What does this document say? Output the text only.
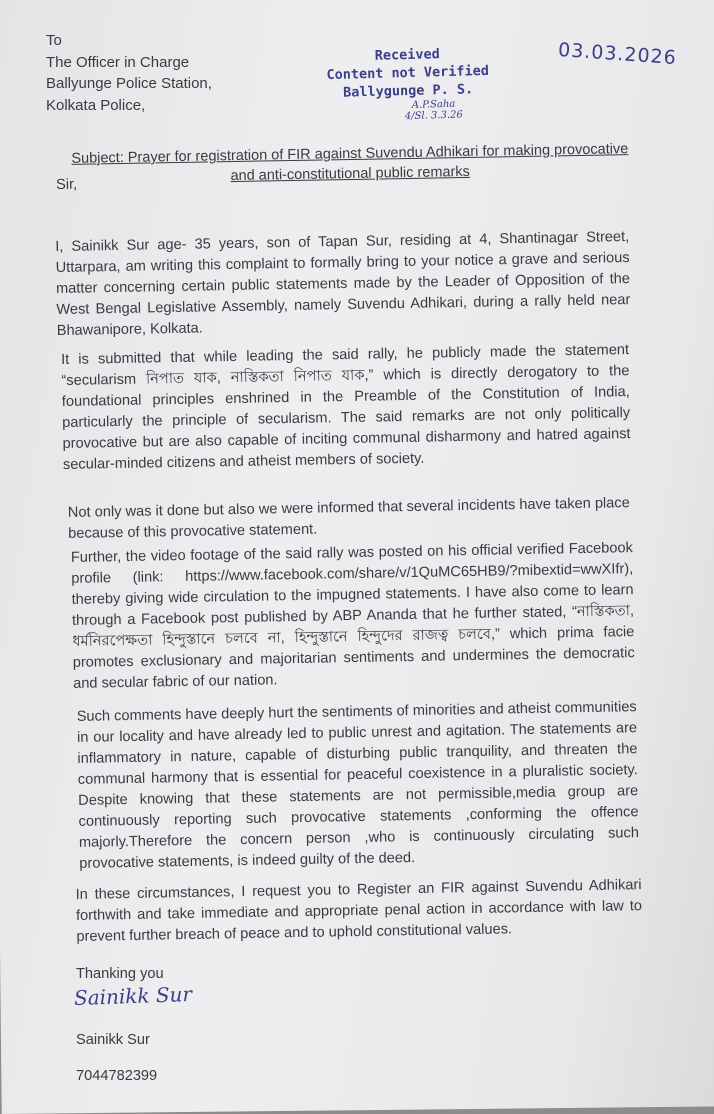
To
The Officer in Charge
Ballyunge Police Station,
Kolkata Police,
Received
Content not Verified
Ballygunge P. S.
A.P.Saha
4/Sl. 3.3.26
03.03.2026
Subject: Prayer for registration of FIR against Suvendu Adhikari for making provocative and anti-constitutional public remarks
Sir,

I, Sainikk Sur age- 35 years, son of Tapan Sur, residing at 4, Shantinagar Street, Uttarpara, am writing this complaint to formally bring to your notice a grave and serious matter concerning certain public statements made by the Leader of Opposition of the West Bengal Legislative Assembly, namely Suvendu Adhikari, during a rally held near Bhawanipore, Kolkata.

It is submitted that while leading the said rally, he publicly made the statement “secularism নিপাত যাক, নাস্তিকতা নিপাত যাক,” which is directly derogatory to the foundational principles enshrined in the Preamble of the Constitution of India, particularly the principle of secularism. The said remarks are not only politically provocative but are also capable of inciting communal disharmony and hatred against secular-minded citizens and atheist members of society.

Not only was it done but also we were informed that several incidents have taken place because of this provocative statement.

Further, the video footage of the said rally was posted on his official verified Facebook profile (link: https://www.facebook.com/share/v/1QuMC65HB9/?mibextid=wwXIfr), thereby giving wide circulation to the impugned statements. I have also come to learn through a Facebook post published by ABP Ananda that he further stated, “নাস্তিকতা, ধর্মনিরপেক্ষতা হিন্দুস্তানে চলবে না, হিন্দুস্তানে হিন্দুদের রাজত্ব চলবে,” which prima facie promotes exclusionary and majoritarian sentiments and undermines the democratic and secular fabric of our nation.

Such comments have deeply hurt the sentiments of minorities and atheist communities in our locality and have already led to public unrest and agitation. The statements are inflammatory in nature, capable of disturbing public tranquility, and threaten the communal harmony that is essential for peaceful coexistence in a pluralistic society. Despite knowing that these statements are not permissible,media group are continuously reporting such provocative statements ,conforming the offence majorly.Therefore the concern person ,who is continuously circulating such provocative statements, is indeed guilty of the deed.

In these circumstances, I request you to Register an FIR against Suvendu Adhikari forthwith and take immediate and appropriate penal action in accordance with law to prevent further breach of peace and to uphold constitutional values.

Thanking you
Sainikk Sur
Sainikk Sur
7044782399
